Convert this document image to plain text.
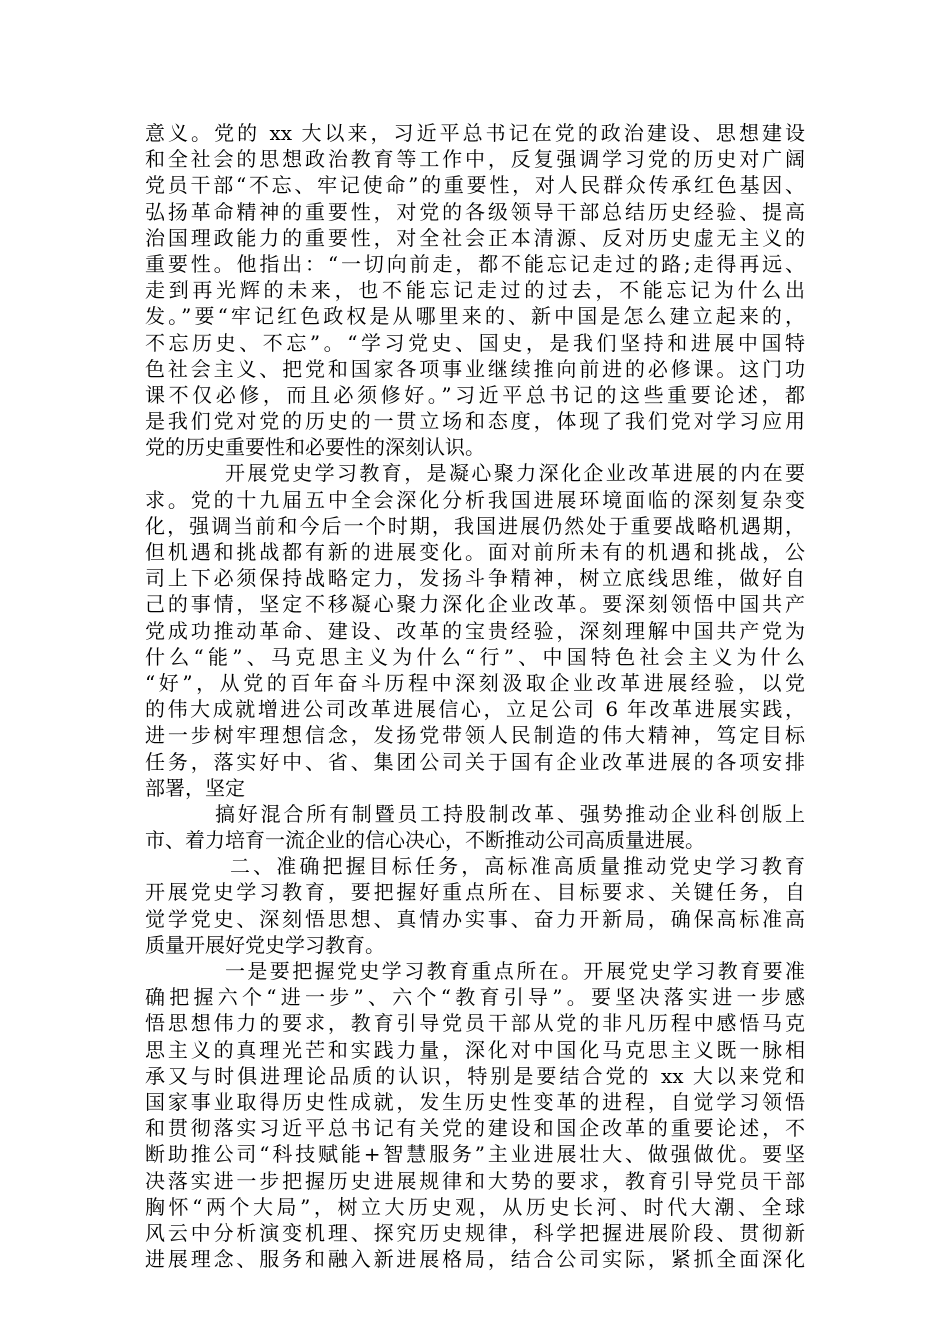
意义。党的 xx 大以来，习近平总书记在党的政治建设、思想建设
和全社会的思想政治教育等工作中，反复强调学习党的历史对广阔
党员干部“不忘、牢记使命”的重要性，对人民群众传承红色基因、
弘扬革命精神的重要性，对党的各级领导干部总结历史经验、提高
治国理政能力的重要性，对全社会正本清源、反对历史虚无主义的
重要性。他指出：“一切向前走，都不能忘记走过的路;走得再远、
走到再光辉的未来，也不能忘记走过的过去，不能忘记为什么出
发。”要“牢记红色政权是从哪里来的、新中国是怎么建立起来的，
不忘历史、不忘”。“学习党史、国史，是我们坚持和进展中国特
色社会主义、把党和国家各项事业继续推向前进的必修课。这门功
课不仅必修，而且必须修好。”习近平总书记的这些重要论述，都
是我们党对党的历史的一贯立场和态度，体现了我们党对学习应用
党的历史重要性和必要性的深刻认识。
开展党史学习教育，是凝心聚力深化企业改革进展的内在要
求。党的十九届五中全会深化分析我国进展环境面临的深刻复杂变
化，强调当前和今后一个时期，我国进展仍然处于重要战略机遇期，
但机遇和挑战都有新的进展变化。面对前所未有的机遇和挑战，公
司上下必须保持战略定力，发扬斗争精神，树立底线思维，做好自
己的事情，坚定不移凝心聚力深化企业改革。要深刻领悟中国共产
党成功推动革命、建设、改革的宝贵经验，深刻理解中国共产党为
什么“能”、马克思主义为什么“行”、中国特色社会主义为什么
“好”，从党的百年奋斗历程中深刻汲取企业改革进展经验，以党
的伟大成就增进公司改革进展信心，立足公司 6 年改革进展实践，
进一步树牢理想信念，发扬党带领人民制造的伟大精神，笃定目标
任务，落实好中、省、集团公司关于国有企业改革进展的各项安排
部署，坚定
搞好混合所有制暨员工持股制改革、强势推动企业科创版上
市、着力培育一流企业的信心决心，不断推动公司高质量进展。
二、准确把握目标任务，高标准高质量推动党史学习教育
开展党史学习教育，要把握好重点所在、目标要求、关键任务，自
觉学党史、深刻悟思想、真情办实事、奋力开新局，确保高标准高
质量开展好党史学习教育。
一是要把握党史学习教育重点所在。开展党史学习教育要准
确把握六个“进一步”、六个“教育引导”。要坚决落实进一步感
悟思想伟力的要求，教育引导党员干部从党的非凡历程中感悟马克
思主义的真理光芒和实践力量，深化对中国化马克思主义既一脉相
承又与时俱进理论品质的认识，特别是要结合党的 xx 大以来党和
国家事业取得历史性成就，发生历史性变革的进程，自觉学习领悟
和贯彻落实习近平总书记有关党的建设和国企改革的重要论述，不
断助推公司“科技赋能+智慧服务”主业进展壮大、做强做优。要坚
决落实进一步把握历史进展规律和大势的要求，教育引导党员干部
胸怀“两个大局”，树立大历史观，从历史长河、时代大潮、全球
风云中分析演变机理、探究历史规律，科学把握进展阶段、贯彻新
进展理念、服务和融入新进展格局，结合公司实际，紧抓全面深化
